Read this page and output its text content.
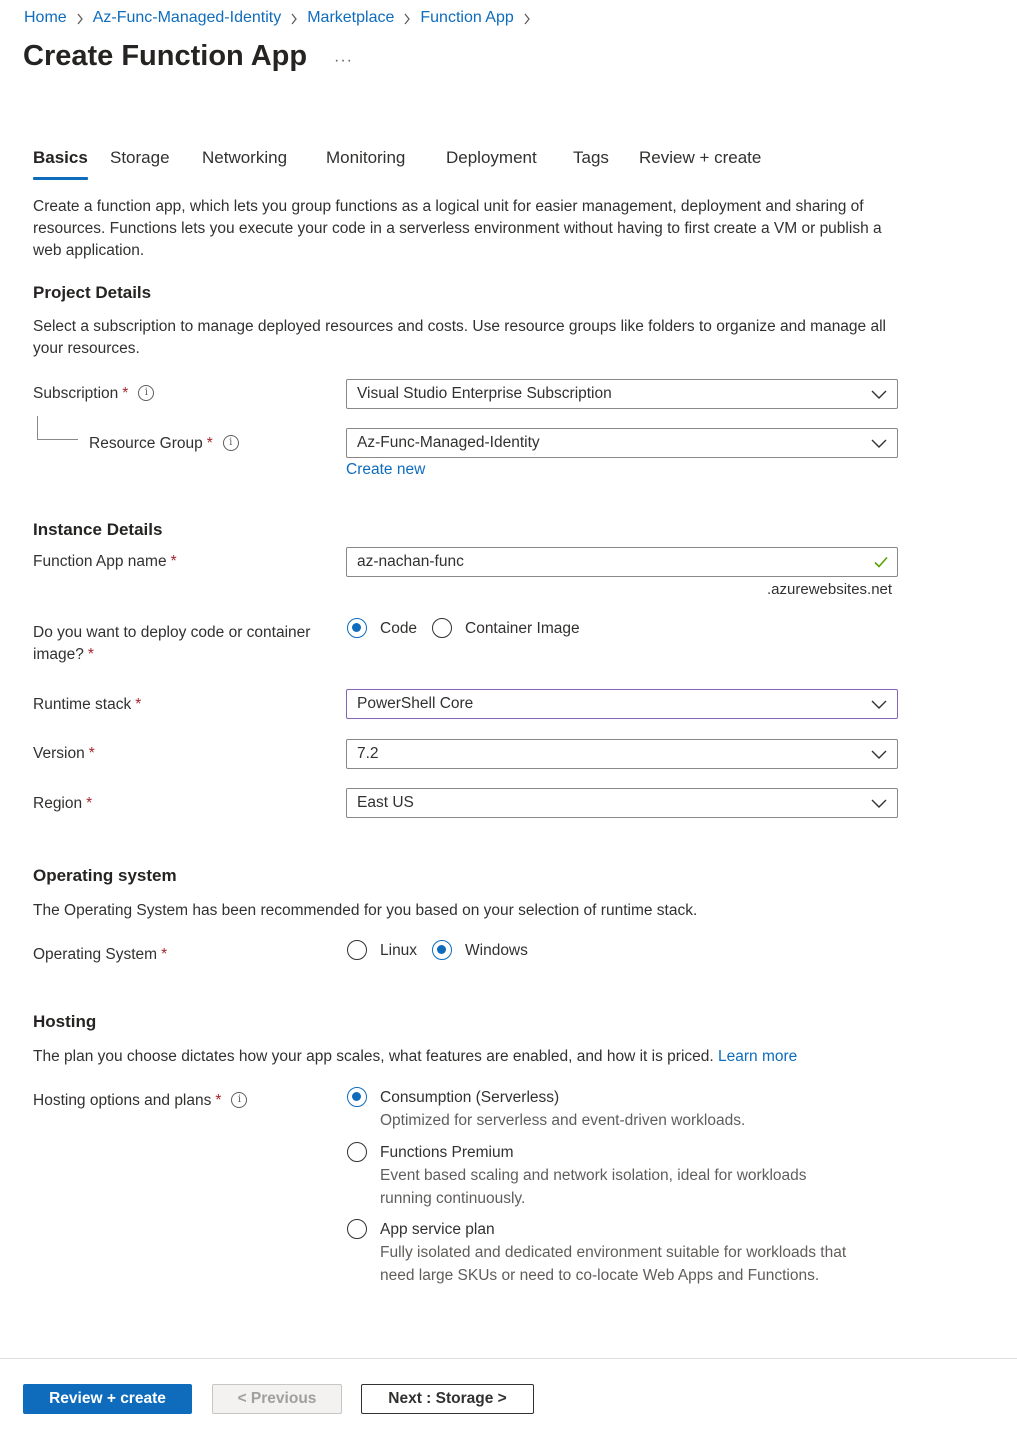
Home Az-Func-Managed-Identity Marketplace Function App
Create Function App ···
Basics Storage Networking Monitoring Deployment Tags Review + create
Create a function app, which lets you group functions as a logical unit for easier management, deployment and sharing of resources. Functions lets you execute your code in a serverless environment without having to first create a VM or publish a web application.
Project Details
Select a subscription to manage deployed resources and costs. Use resource groups like folders to organize and manage all your resources.
Subscription * i	Visual Studio Enterprise Subscription
Resource Group * i	Az-Func-Managed-Identity
Create new
Instance Details
Function App name *	az-nachan-func
.azurewebsites.net
Do you want to deploy code or container
image? *
Code	Container Image
Runtime stack *	PowerShell Core
Version *	7.2
Region *	East US
Operating system
The Operating System has been recommended for you based on your selection of runtime stack.
Operating System *	Linux	Windows
Hosting
The plan you choose dictates how your app scales, what features are enabled, and how it is priced. Learn more
Hosting options and plans * i	Consumption (Serverless)
Optimized for serverless and event-driven workloads.
Functions Premium
Event based scaling and network isolation, ideal for workloads running continuously.
App service plan
Fully isolated and dedicated environment suitable for workloads that need large SKUs or need to co-locate Web Apps and Functions.
Review + create	< Previous	Next : Storage >
